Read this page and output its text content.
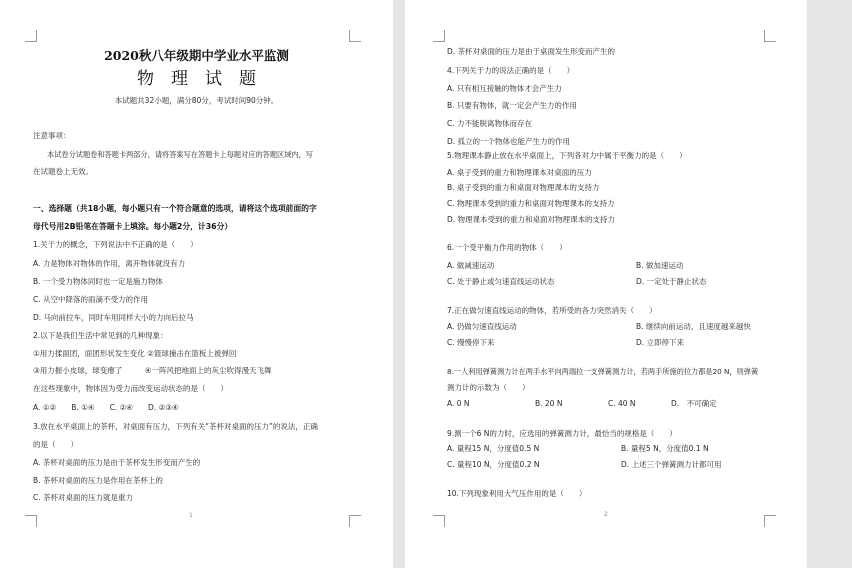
2020秋八年级期中学业水平监测
物　理　试　题
本试题共32小题，满分80分，考试时间90分钟。
注意事项：
本试卷分试题卷和答题卡两部分，请将答案写在答题卡上每题对应的答题区域内，写
在试题卷上无效。
一、选择题（共18小题，每小题只有一个符合题意的选项，请将这个选项前面的字
母代号用2B铅笔在答题卡上填涂。每小题2分，计36分）
1.关于力的概念，下列说法中不正确的是（　　）
A. 力是物体对物体的作用，离开物体就没有力
B. 一个受力物体同时也一定是施力物体
C. 从空中降落的雨滴不受力的作用
D. 马向前拉车，同时车用同样大小的力向后拉马
2.以下是我们生活中常见到的几种现象：
①用力揉面团，面团形状发生变化 ②篮球撞击在篮板上被弹回
③用力握小皮球，球变瘪了　　　④一阵风把地面上的灰尘吹得漫天飞舞
在这些现象中，物体因为受力而改变运动状态的是（　　）
A. ①②　　B. ①④　　C. ②④　　D. ②③④
3.放在水平桌面上的茶杯，对桌面有压力，下列有关“茶杯对桌面的压力”的说法，正确
的是（　　）
A. 茶杯对桌面的压力是由于茶杯发生形变而产生的
B. 茶杯对桌面的压力是作用在茶杯上的
C. 茶杯对桌面的压力就是重力
1
D. 茶杯对桌面的压力是由于桌面发生形变而产生的
4.下列关于力的说法正确的是（　　）
A. 只有相互接触的物体才会产生力
B. 只要有物体，就一定会产生力的作用
C. 力不能脱离物体而存在
D. 孤立的一个物体也能产生力的作用
5.物理课本静止放在水平桌面上，下列各对力中属于平衡力的是（　　）
A. 桌子受到的重力和物理课本对桌面的压力
B. 桌子受到的重力和桌面对物理课本的支持力
C. 物理课本受到的重力和桌面对物理课本的支持力
D. 物理课本受到的重力和桌面对物理课本的支持力
6.一个受平衡力作用的物体（　　）
A. 做减速运动	B. 做加速运动
C. 处于静止或匀速直线运动状态	D. 一定处于静止状态
7.正在做匀速直线运动的物体，若所受的各力突然消失（　　）
A. 仍做匀速直线运动	B. 继续向前运动，且速度越来越快
C. 慢慢停下来	D. 立即停下来
8.一人利用弹簧测力计在两手水平向两端拉一支弹簧测力计，若两手所施的拉力都是20 N，则弹簧
测力计的示数为（　　）
A. 0 N	B. 20 N	C. 40 N	D.　不可确定
9.测一个6 N的力时，应选用的弹簧测力计，最恰当的规格是（　　）
A. 量程15 N，分度值0.5 N	B. 量程5 N，分度值0.1 N
C. 量程10 N，分度值0.2 N	D. 上述三个弹簧测力计都可用
10.下列现象利用大气压作用的是（　　）
2
